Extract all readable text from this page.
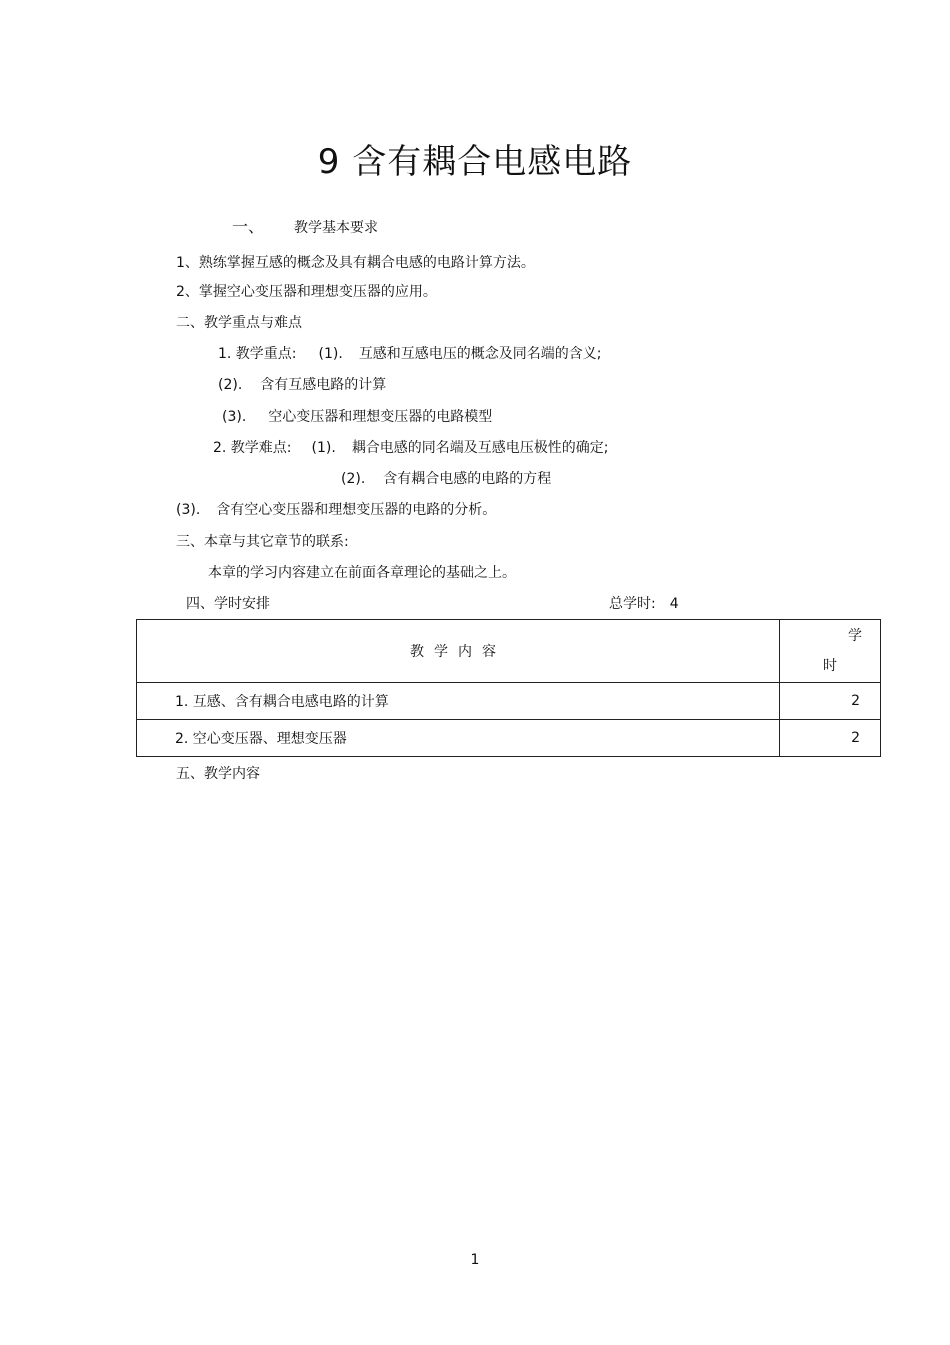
9 含有耦合电感电路
一、 教学基本要求
1、熟练掌握互感的概念及具有耦合电感的电路计算方法。
2、掌握空心变压器和理想变压器的应用。
二、教学重点与难点
1. 教学重点: (1). 互感和互感电压的概念及同名端的含义;
(2). 含有互感电路的计算
(3). 空心变压器和理想变压器的电路模型
2. 教学难点: (1). 耦合电感的同名端及互感电压极性的确定;
(2). 含有耦合电感的电路的方程
(3). 含有空心变压器和理想变压器的电路的分析。
三、本章与其它章节的联系:
本章的学习内容建立在前面各章理论的基础之上。
四、学时安排	总学时: 4
教学内容	学
时

1. 互感、含有耦合电感电路的计算	2
2. 空心变压器、理想变压器	2
五、教学内容
1
